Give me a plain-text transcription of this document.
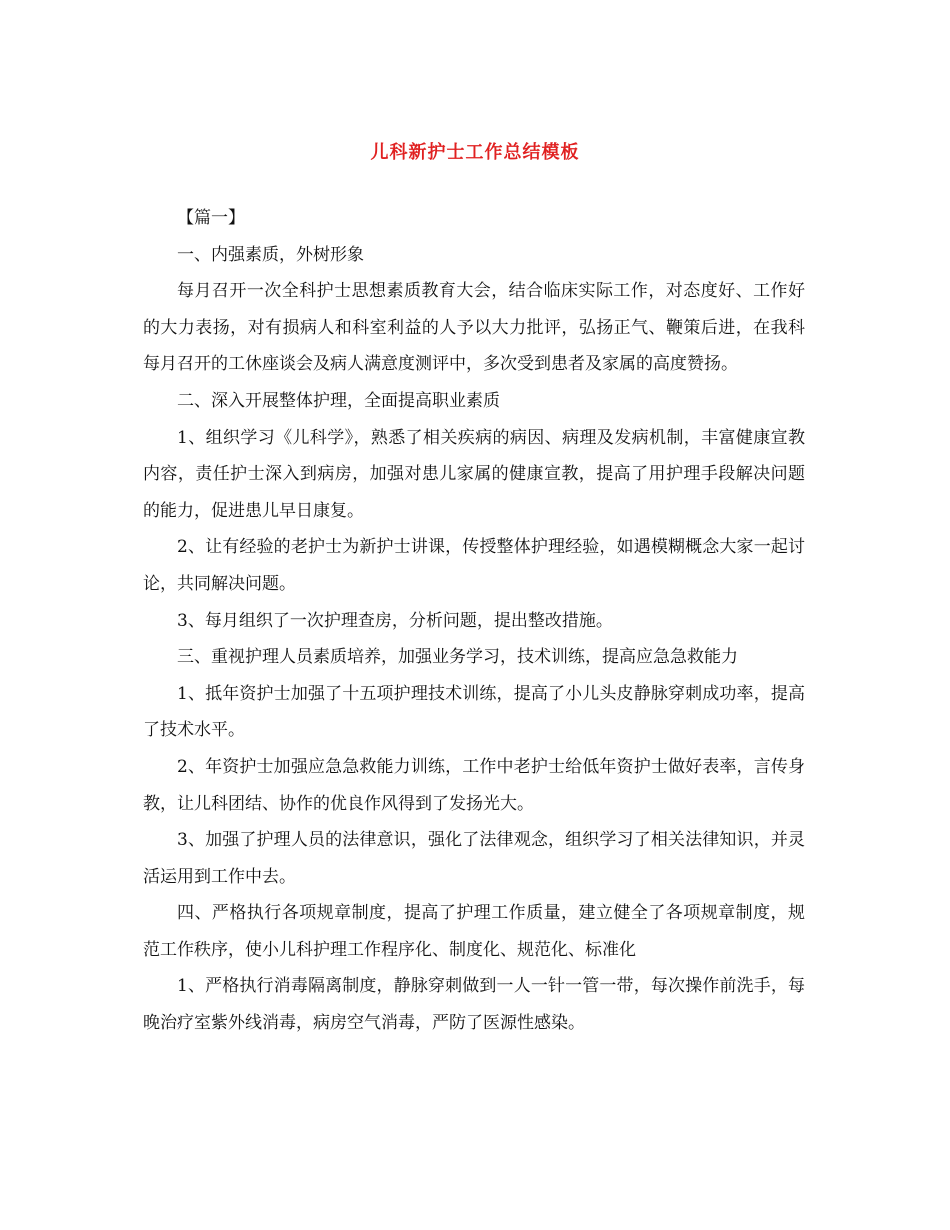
儿科新护士工作总结模板

【篇一】

一、内强素质，外树形象

每月召开一次全科护士思想素质教育大会，结合临床实际工作，对态度好、工作好的大力表扬，对有损病人和科室利益的人予以大力批评，弘扬正气、鞭策后进，在我科每月召开的工休座谈会及病人满意度测评中，多次受到患者及家属的高度赞扬。

二、深入开展整体护理，全面提高职业素质

1、组织学习《儿科学》，熟悉了相关疾病的病因、病理及发病机制，丰富健康宣教内容，责任护士深入到病房，加强对患儿家属的健康宣教，提高了用护理手段解决问题的能力，促进患儿早日康复。

2、让有经验的老护士为新护士讲课，传授整体护理经验，如遇模糊概念大家一起讨论，共同解决问题。

3、每月组织了一次护理查房，分析问题，提出整改措施。

三、重视护理人员素质培养，加强业务学习，技术训练，提高应急急救能力

1、抵年资护士加强了十五项护理技术训练，提高了小儿头皮静脉穿刺成功率，提高了技术水平。

2、年资护士加强应急急救能力训练，工作中老护士给低年资护士做好表率，言传身教，让儿科团结、协作的优良作风得到了发扬光大。

3、加强了护理人员的法律意识，强化了法律观念，组织学习了相关法律知识，并灵活运用到工作中去。

四、严格执行各项规章制度，提高了护理工作质量，建立健全了各项规章制度，规范工作秩序，使小儿科护理工作程序化、制度化、规范化、标准化

1、严格执行消毒隔离制度，静脉穿刺做到一人一针一管一带，每次操作前洗手，每晚治疗室紫外线消毒，病房空气消毒，严防了医源性感染。
